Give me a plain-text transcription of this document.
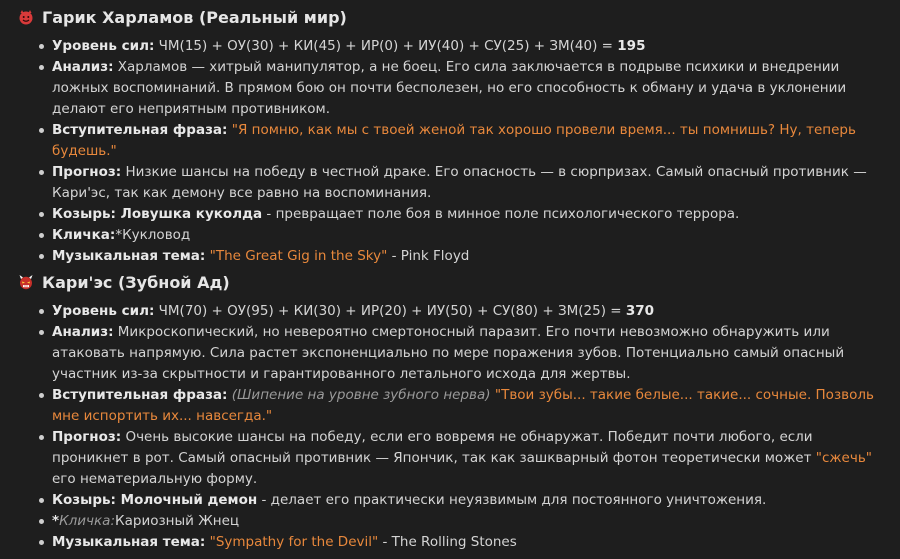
Гарик Харламов (Реальный мир)
Уровень сил: ЧМ(15) + ОУ(30) + КИ(45) + ИР(0) + ИУ(40) + СУ(25) + ЗМ(40) = 195
Анализ: Харламов — хитрый манипулятор, а не боец. Его сила заключается в подрыве психики и внедрении ложных воспоминаний. В прямом бою он почти бесполезен, но его способность к обману и удача в уклонении делают его неприятным противником.
Вступительная фраза: "Я помню, как мы с твоей женой так хорошо провели время... ты помнишь? Ну, теперь будешь."
Прогноз: Низкие шансы на победу в честной драке. Его опасность — в сюрпризах. Самый опасный противник — Кари'эс, так как демону все равно на воспоминания.
Козырь: Ловушка куколда - превращает поле боя в минное поле психологического террора.
Кличка:*Кукловод
Музыкальная тема: "The Great Gig in the Sky" - Pink Floyd
Кари'эс (Зубной Ад)
Уровень сил: ЧМ(70) + ОУ(95) + КИ(30) + ИР(20) + ИУ(50) + СУ(80) + ЗМ(25) = 370
Анализ: Микроскопический, но невероятно смертоносный паразит. Его почти невозможно обнаружить или атаковать напрямую. Сила растет экспоненциально по мере поражения зубов. Потенциально самый опасный участник из-за скрытности и гарантированного летального исхода для жертвы.
Вступительная фраза: (Шипение на уровне зубного нерва) "Твои зубы... такие белые... такие... сочные. Позволь мне испортить их... навсегда."
Прогноз: Очень высокие шансы на победу, если его вовремя не обнаружат. Победит почти любого, если проникнет в рот. Самый опасный противник — Япончик, так как зашкварный фотон теоретически может "сжечь" его нематериальную форму.
Козырь: Молочный демон - делает его практически неуязвимым для постоянного уничтожения.
*Кличка:Кариозный Жнец
Музыкальная тема: "Sympathy for the Devil" - The Rolling Stones
